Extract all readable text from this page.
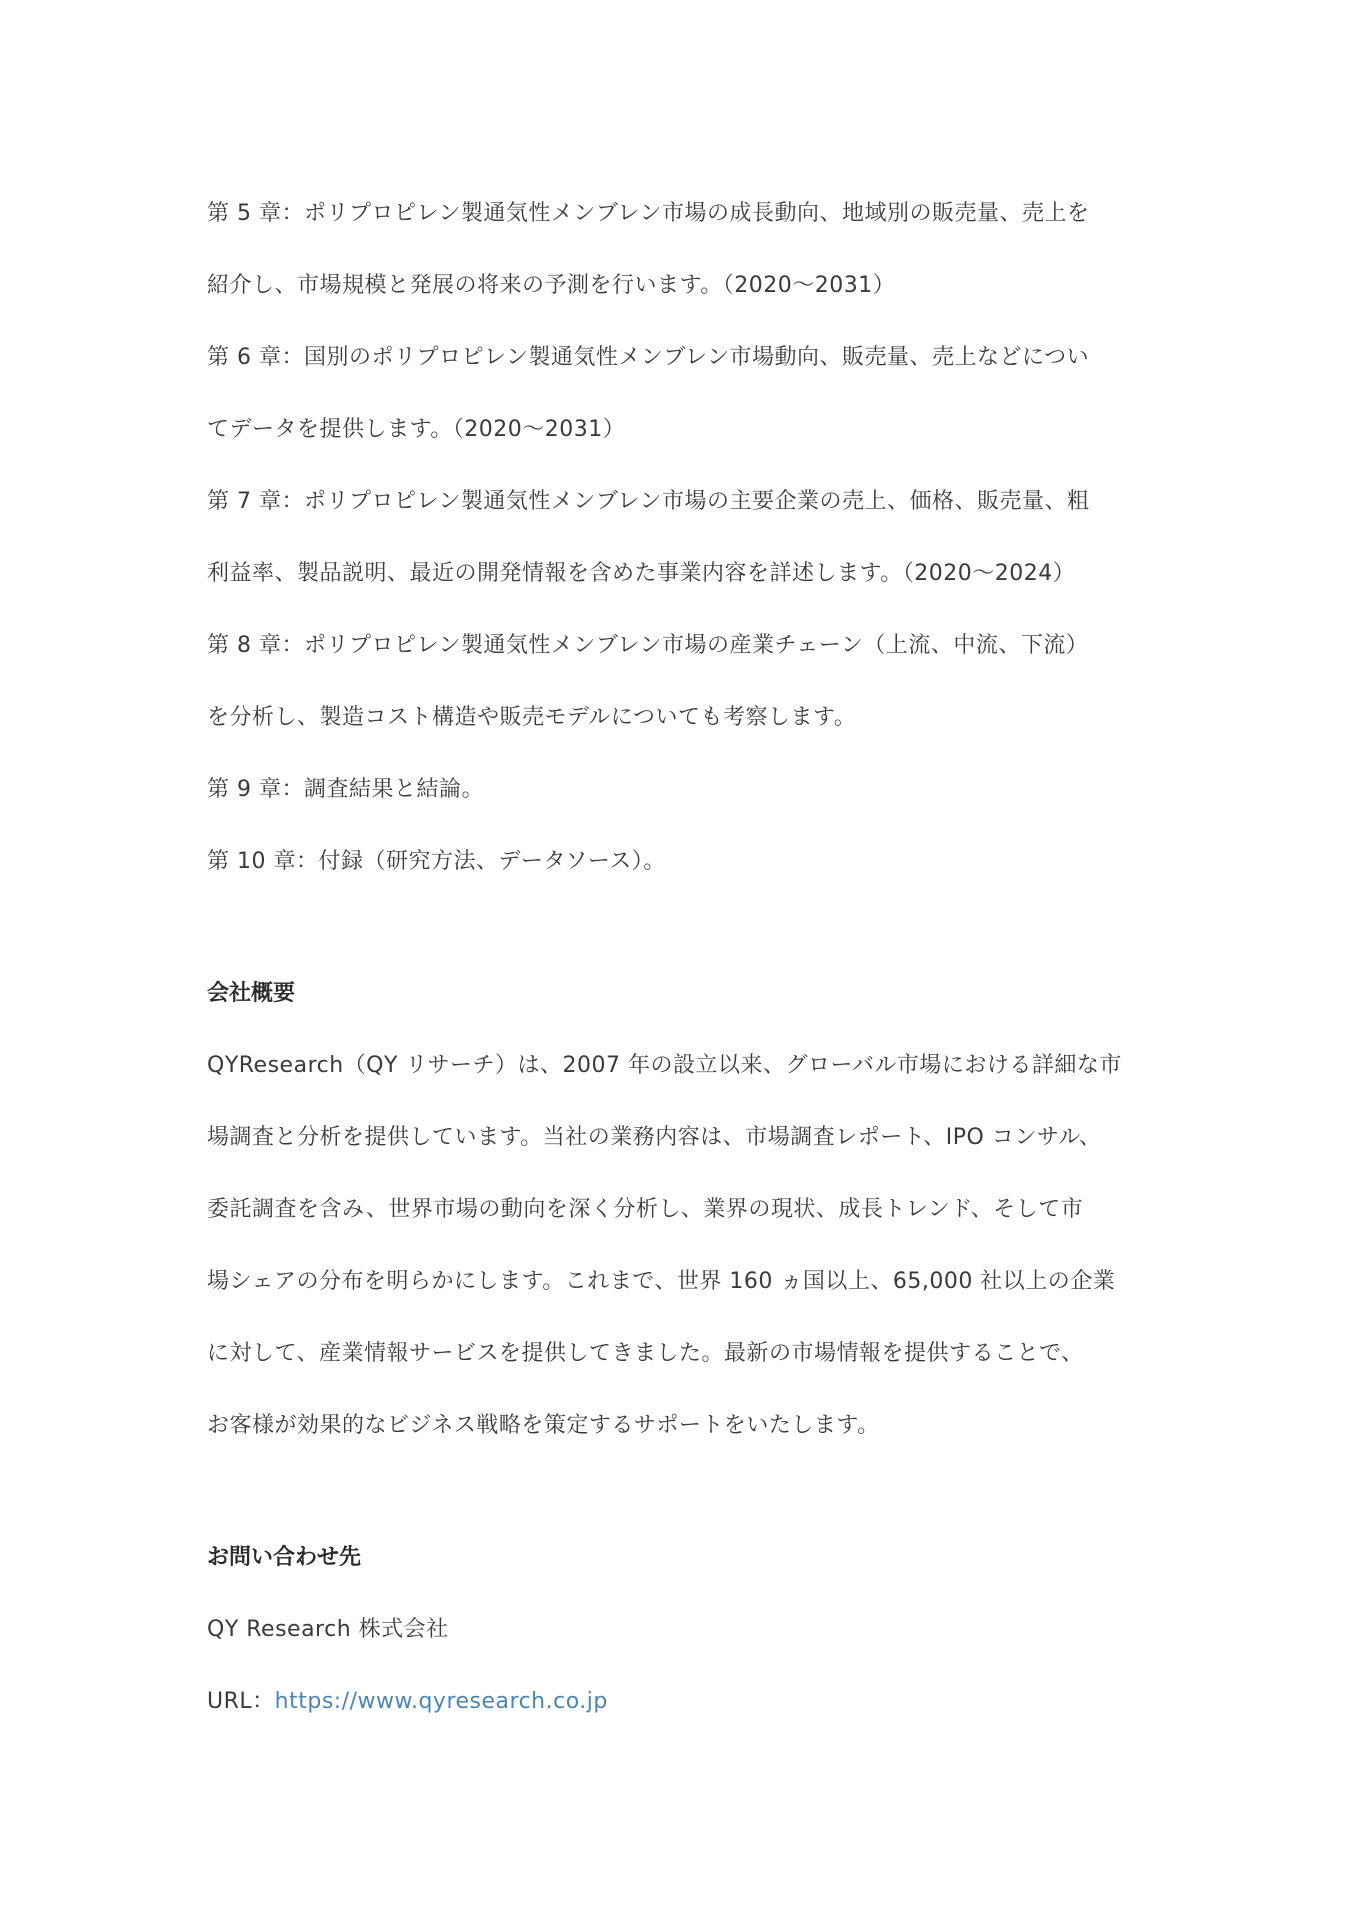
第 5 章：ポリプロピレン製通気性メンブレン市場の成長動向、地域別の販売量、売上を
紹介し、市場規模と発展の将来の予測を行います。（2020～2031）
第 6 章：国別のポリプロピレン製通気性メンブレン市場動向、販売量、売上などについ
てデータを提供します。（2020～2031）
第 7 章：ポリプロピレン製通気性メンブレン市場の主要企業の売上、価格、販売量、粗
利益率、製品説明、最近の開発情報を含めた事業内容を詳述します。（2020～2024）
第 8 章：ポリプロピレン製通気性メンブレン市場の産業チェーン（上流、中流、下流）
を分析し、製造コスト構造や販売モデルについても考察します。
第 9 章：調査結果と結論。
第 10 章：付録（研究方法、データソース）。
会社概要
QYResearch（QY リサーチ）は、2007 年の設立以来、グローバル市場における詳細な市
場調査と分析を提供しています。当社の業務内容は、市場調査レポート、IPO コンサル、
委託調査を含み、世界市場の動向を深く分析し、業界の現状、成長トレンド、そして市
場シェアの分布を明らかにします。これまで、世界 160 ヵ国以上、65,000 社以上の企業
に対して、産業情報サービスを提供してきました。最新の市場情報を提供することで、
お客様が効果的なビジネス戦略を策定するサポートをいたします。
お問い合わせ先
QY Research 株式会社
URL：https://www.qyresearch.co.jp
